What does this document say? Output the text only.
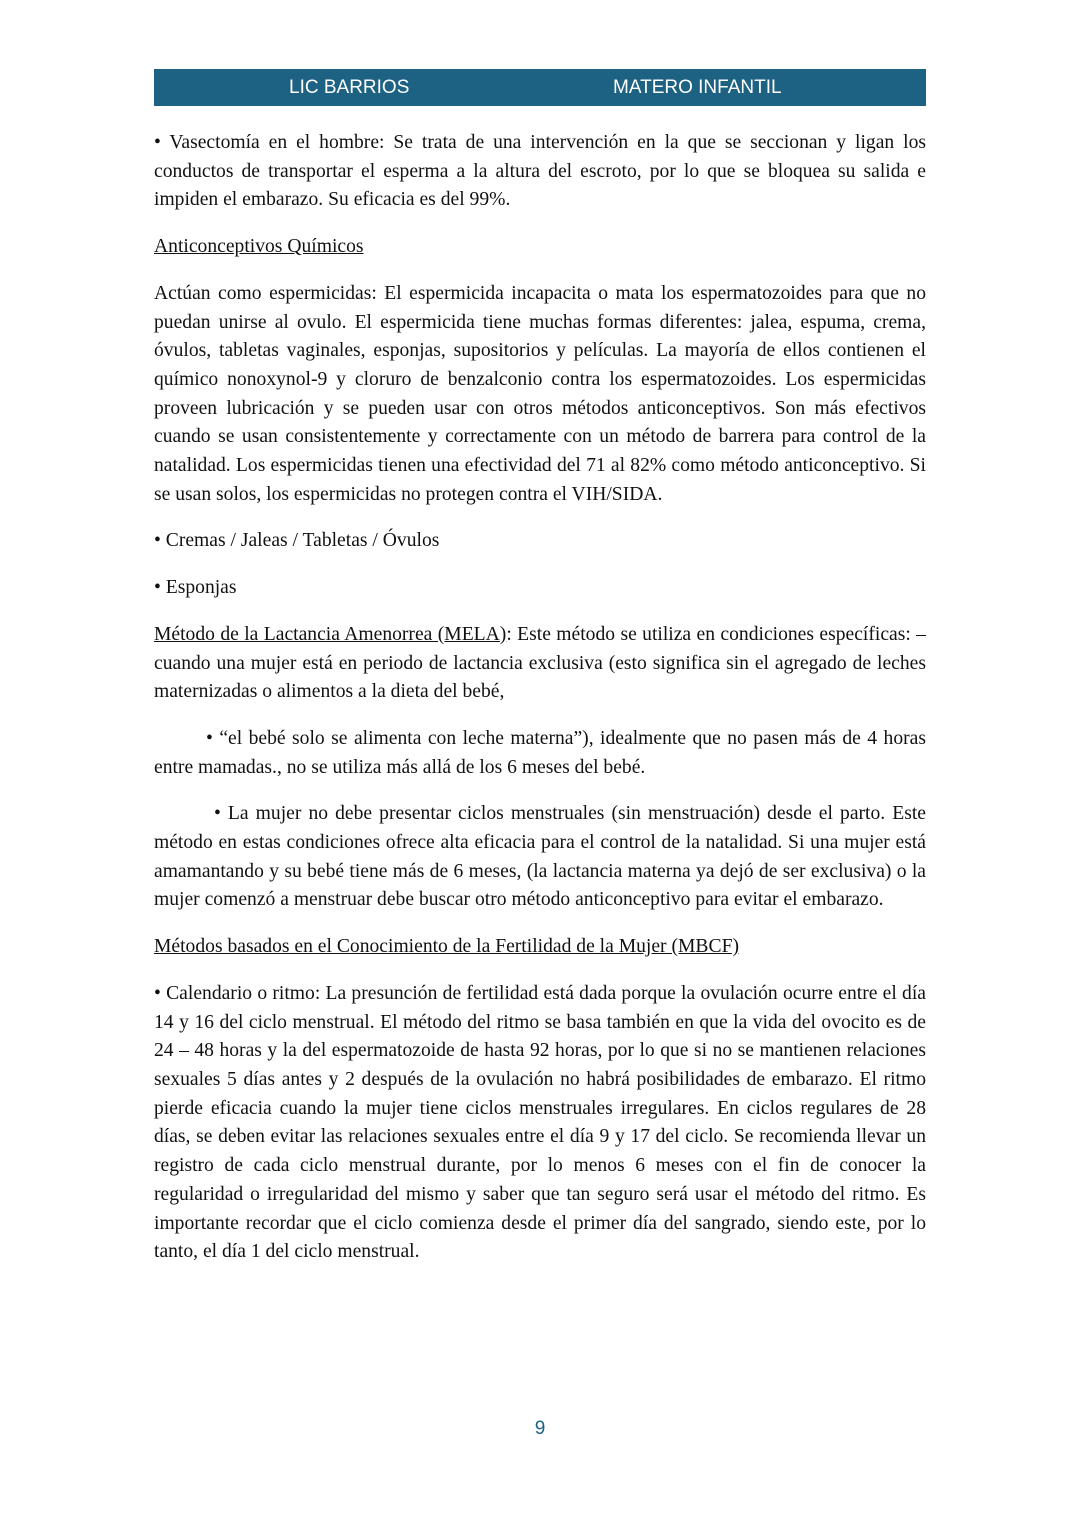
LIC BARRIOS	MATERO INFANTIL

• Vasectomía en el hombre: Se trata de una intervención en la que se seccionan y ligan los conductos de transportar el esperma a la altura del escroto, por lo que se bloquea su salida e impiden el embarazo. Su eficacia es del 99%.

Anticonceptivos Químicos

Actúan como espermicidas: El espermicida incapacita o mata los espermatozoides para que no puedan unirse al ovulo. El espermicida tiene muchas formas diferentes: jalea, espuma, crema, óvulos, tabletas vaginales, esponjas, supositorios y películas. La mayoría de ellos contienen el químico nonoxynol-9 y cloruro de benzalconio contra los espermatozoides. Los espermicidas proveen lubricación y se pueden usar con otros métodos anticonceptivos. Son más efectivos cuando se usan consistentemente y correctamente con un método de barrera para control de la natalidad. Los espermicidas tienen una efectividad del 71 al 82% como método anticonceptivo. Si se usan solos, los espermicidas no protegen contra el VIH/SIDA.

• Cremas / Jaleas / Tabletas / Óvulos

• Esponjas

Método de la Lactancia Amenorrea (MELA): Este método se utiliza en condiciones específicas: – cuando una mujer está en periodo de lactancia exclusiva (esto significa sin el agregado de leches maternizadas o alimentos a la dieta del bebé,

• “el bebé solo se alimenta con leche materna”), idealmente que no pasen más de 4 horas entre mamadas., no se utiliza más allá de los 6 meses del bebé.

• La mujer no debe presentar ciclos menstruales (sin menstruación) desde el parto. Este método en estas condiciones ofrece alta eficacia para el control de la natalidad. Si una mujer está amamantando y su bebé tiene más de 6 meses, (la lactancia materna ya dejó de ser exclusiva) o la mujer comenzó a menstruar debe buscar otro método anticonceptivo para evitar el embarazo.

Métodos basados en el Conocimiento de la Fertilidad de la Mujer (MBCF)

• Calendario o ritmo: La presunción de fertilidad está dada porque la ovulación ocurre entre el día 14 y 16 del ciclo menstrual. El método del ritmo se basa también en que la vida del ovocito es de 24 – 48 horas y la del espermatozoide de hasta 92 horas, por lo que si no se mantienen relaciones sexuales 5 días antes y 2 después de la ovulación no habrá posibilidades de embarazo. El ritmo pierde eficacia cuando la mujer tiene ciclos menstruales irregulares. En ciclos regulares de 28 días, se deben evitar las relaciones sexuales entre el día 9 y 17 del ciclo. Se recomienda llevar un registro de cada ciclo menstrual durante, por lo menos 6 meses con el fin de conocer la regularidad o irregularidad del mismo y saber que tan seguro será usar el método del ritmo. Es importante recordar que el ciclo comienza desde el primer día del sangrado, siendo este, por lo tanto, el día 1 del ciclo menstrual.

9
